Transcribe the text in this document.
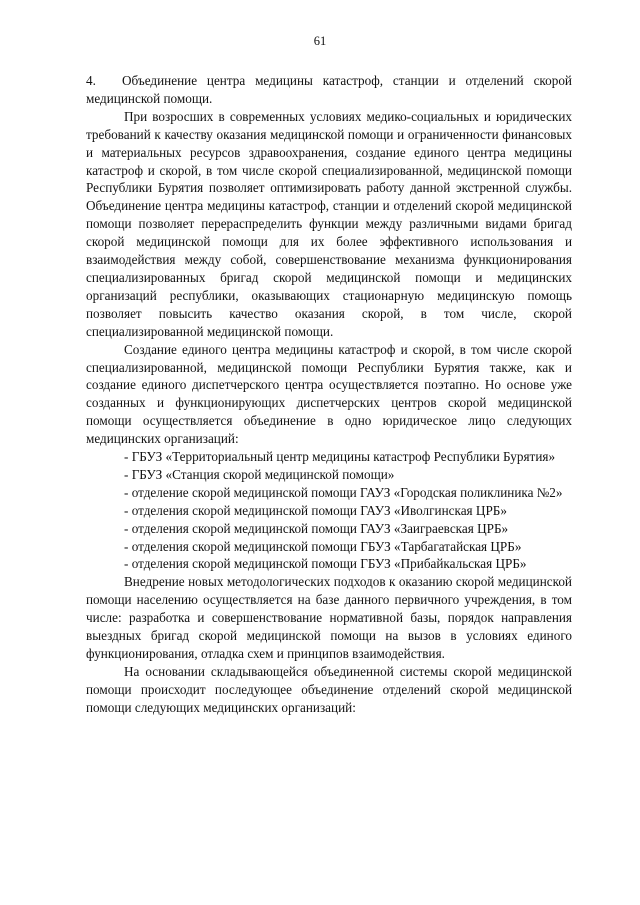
61

4. Объединение центра медицины катастроф, станции и отделений скорой медицинской помощи.

При возросших в современных условиях медико-социальных и юридических требований к качеству оказания медицинской помощи и ограниченности финансовых и материальных ресурсов здравоохранения, создание единого центра медицины катастроф и скорой, в том числе скорой специализированной, медицинской помощи Республики Бурятия позволяет оптимизировать работу данной экстренной службы. Объединение центра медицины катастроф, станции и отделений скорой медицинской помощи позволяет перераспределить функции между различными видами бригад скорой медицинской помощи для их более эффективного использования и взаимодействия между собой, совершенствование механизма функционирования специализированных бригад скорой медицинской помощи и медицинских организаций республики, оказывающих стационарную медицинскую помощь позволяет повысить качество оказания скорой, в том числе, скорой специализированной медицинской помощи.

Создание единого центра медицины катастроф и скорой, в том числе скорой специализированной, медицинской помощи Республики Бурятия также, как и создание единого диспетчерского центра осуществляется поэтапно. Но основе уже созданных и функционирующих диспетчерских центров скорой медицинской помощи осуществляется объединение в одно юридическое лицо следующих медицинских организаций:

- ГБУЗ «Территориальный центр медицины катастроф Республики Бурятия»

- ГБУЗ «Станция скорой медицинской помощи»

- отделение скорой медицинской помощи ГАУЗ «Городская поликлиника №2»

- отделения скорой медицинской помощи ГАУЗ «Иволгинская ЦРБ»

- отделения скорой медицинской помощи ГАУЗ «Заиграевская ЦРБ»

- отделения скорой медицинской помощи ГБУЗ «Тарбагатайская ЦРБ»

- отделения скорой медицинской помощи ГБУЗ «Прибайкальская ЦРБ»

Внедрение новых методологических подходов к оказанию скорой медицинской помощи населению осуществляется на базе данного первичного учреждения, в том числе: разработка и совершенствование нормативной базы, порядок направления выездных бригад скорой медицинской помощи на вызов в условиях единого функционирования, отладка схем и принципов взаимодействия.

На основании складывающейся объединенной системы скорой медицинской помощи происходит последующее объединение отделений скорой медицинской помощи следующих медицинских организаций:
